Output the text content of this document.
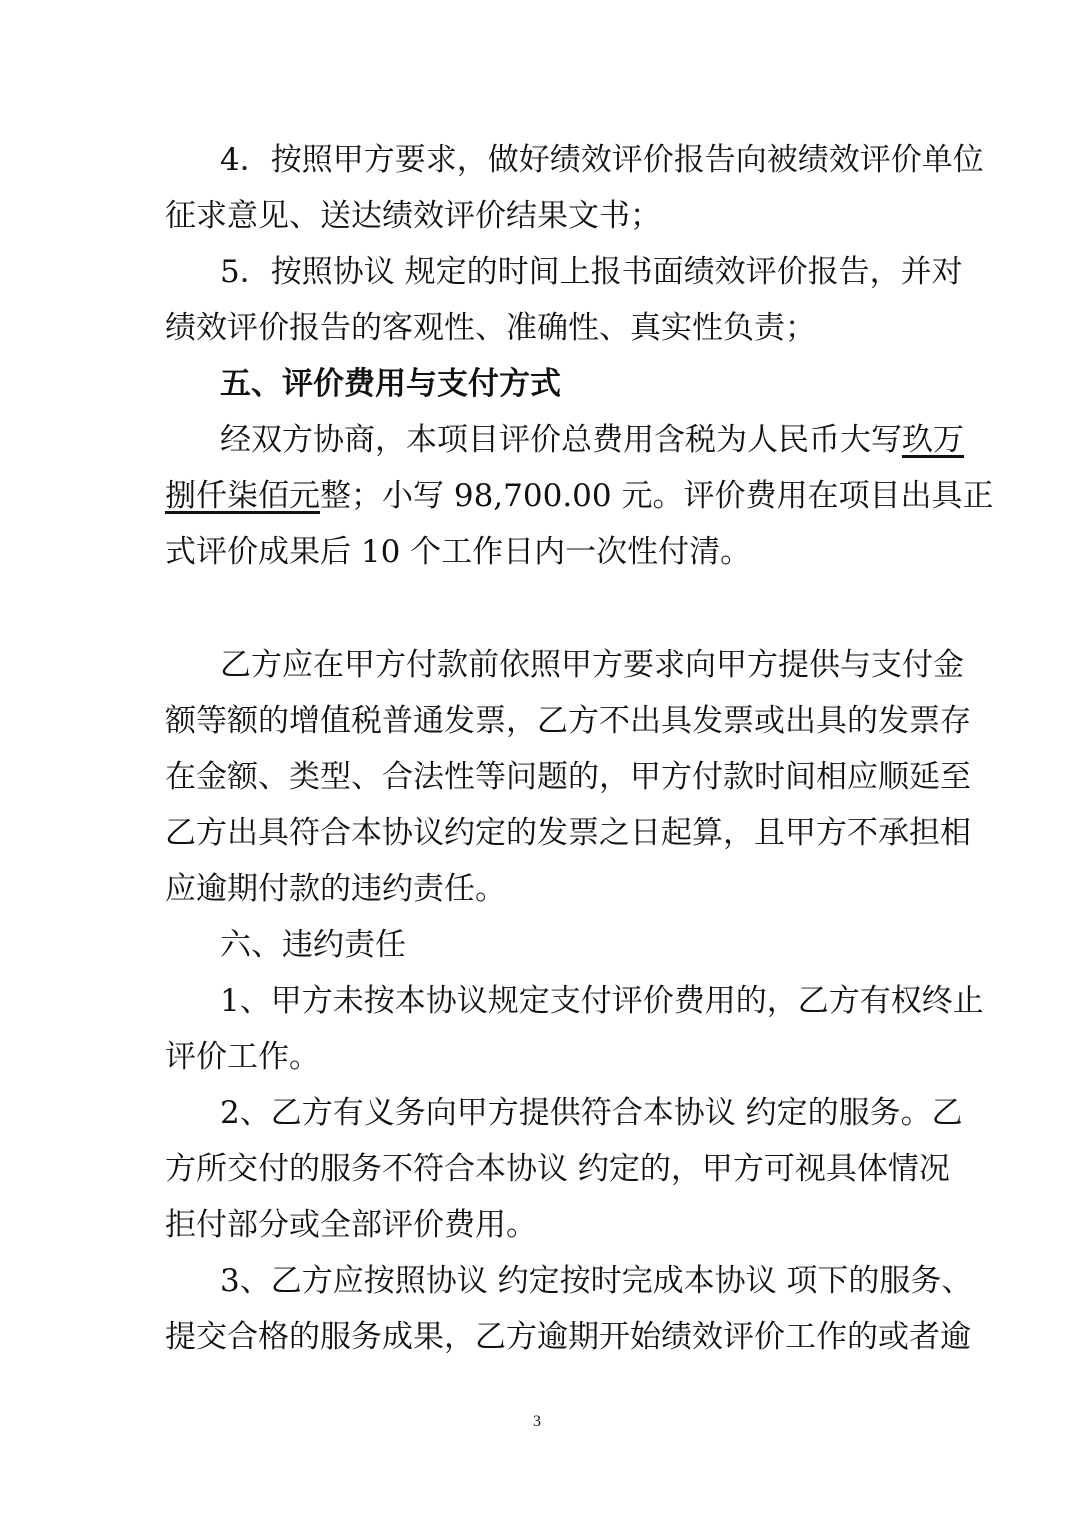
4．按照甲方要求，做好绩效评价报告向被绩效评价单位
征求意见、送达绩效评价结果文书；
5．按照协议 规定的时间上报书面绩效评价报告，并对
绩效评价报告的客观性、准确性、真实性负责；
五、评价费用与支付方式
经双方协商，本项目评价总费用含税为人民币大写玖万
捌仟柒佰元整；小写 98,700.00 元。评价费用在项目出具正
式评价成果后 10 个工作日内一次性付清。
乙方应在甲方付款前依照甲方要求向甲方提供与支付金
额等额的增值税普通发票，乙方不出具发票或出具的发票存
在金额、类型、合法性等问题的，甲方付款时间相应顺延至
乙方出具符合本协议约定的发票之日起算，且甲方不承担相
应逾期付款的违约责任。
六、违约责任
1、甲方未按本协议规定支付评价费用的，乙方有权终止
评价工作。
2、乙方有义务向甲方提供符合本协议 约定的服务。乙
方所交付的服务不符合本协议 约定的，甲方可视具体情况
拒付部分或全部评价费用。
3、乙方应按照协议 约定按时完成本协议 项下的服务、
提交合格的服务成果，乙方逾期开始绩效评价工作的或者逾
3
